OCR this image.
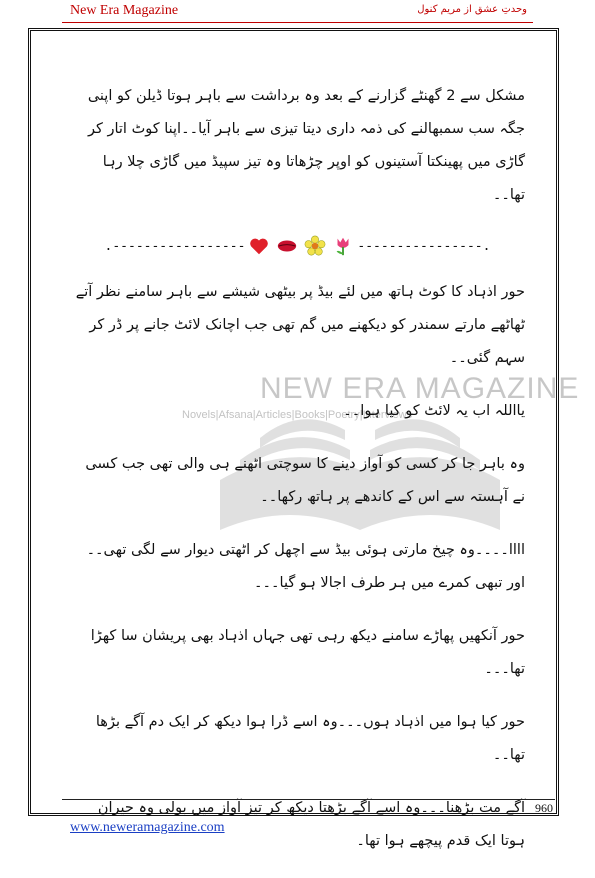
New Era Magazine	وحدتِ عشق از مریم کنول
NEW ERA MAGAZINE
Novels|Afsana|Articles|Books|Poetry|Interviews

مشکل سے 2 گھنٹے گزارنے کے بعد وہ برداشت سے باہر ہوتا ڈیلن کو اپنی جگہ سب سمبھالنے کی ذمہ داری دیتا تیزی سے باہر آیا۔۔اپنا کوٹ اتار کر گاڑی میں پھینکتا آستینوں کو اوپر چڑھاتا وہ تیز سپیڈ میں گاڑی چلا رہا تھا۔۔

.-----------------	----------------.

حور اذہاد کا کوٹ ہاتھ میں لئے بیڈ پر بیٹھی شیشے سے باہر سامنے نظر آتے ٹھاٹھے مارتے سمندر کو دیکھنے میں گم تھی جب اچانک لائٹ جانے پر ڈر کر سہم گئی۔۔

یااللہ اب یہ لائٹ کو کیا ہوا۔۔

وہ باہر جا کر کسی کو آواز دینے کا سوچتی اٹھنے ہی والی تھی جب کسی نے آہستہ سے اس کے کاندھے پر ہاتھ رکھا۔۔

اااا۔۔۔۔وہ چیخ مارتی ہوئی بیڈ سے اچھل کر اٹھتی دیوار سے لگی تھی۔۔اور تبھی کمرے میں ہر طرف اجالا ہو گیا۔۔۔

حور آنکھیں پھاڑے سامنے دیکھ رہی تھی جہاں اذہاد بھی پریشان سا کھڑا تھا۔۔۔

حور کیا ہوا میں اذہاد ہوں۔۔۔وہ اسے ڈرا ہوا دیکھ کر ایک دم آگے بڑھا تھا۔۔

آگے مت بڑھنا۔۔۔وہ اسے آگے بڑھتا دیکھ کر تیز آواز میں بولی وہ حیران ہوتا ایک قدم پیچھے ہوا تھا۔

960
www.neweramagazine.com
